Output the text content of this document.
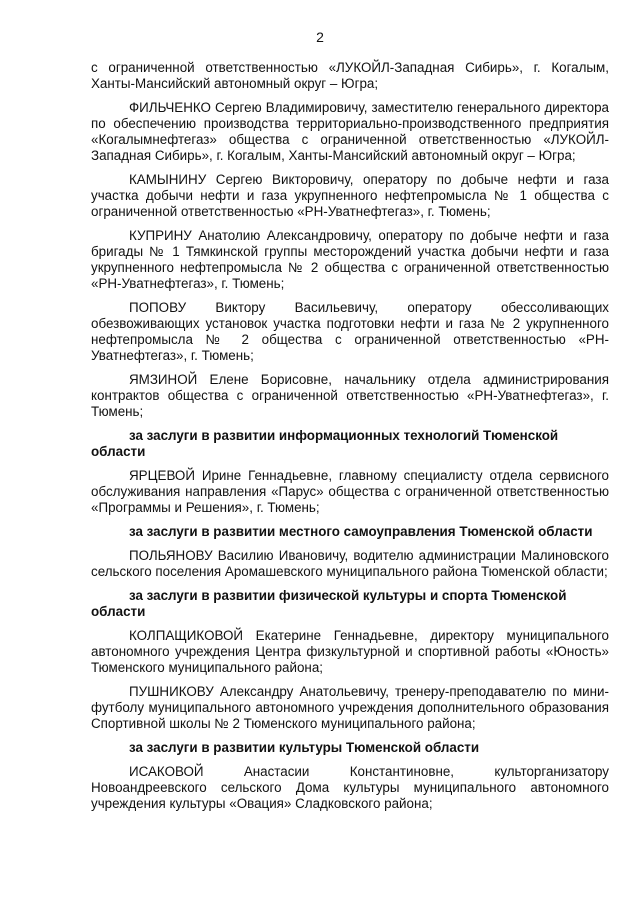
2

с ограниченной ответственностью «ЛУКОЙЛ-Западная Сибирь», г. Когалым, Ханты-Мансийский автономный округ – Югра;

ФИЛЬЧЕНКО Сергею Владимировичу, заместителю генерального директора по обеспечению производства территориально-производственного предприятия «Когалымнефтегаз» общества с ограниченной ответственностью «ЛУКОЙЛ-Западная Сибирь», г. Когалым, Ханты-Мансийский автономный округ – Югра;

КАМЫНИНУ Сергею Викторовичу, оператору по добыче нефти и газа участка добычи нефти и газа укрупненного нефтепромысла № 1 общества с ограниченной ответственностью «РН-Уватнефтегаз», г. Тюмень;

КУПРИНУ Анатолию Александровичу, оператору по добыче нефти и газа бригады № 1 Тямкинской группы месторождений участка добычи нефти и газа укрупненного нефтепромысла № 2 общества с ограниченной ответственностью «РН-Уватнефтегаз», г. Тюмень;

ПОПОВУ Виктору Васильевичу, оператору обессоливающих обезвоживающих установок участка подготовки нефти и газа № 2 укрупненного нефтепромысла № 2 общества с ограниченной ответственностью «РН-Уватнефтегаз», г. Тюмень;

ЯМЗИНОЙ Елене Борисовне, начальнику отдела администрирования контрактов общества с ограниченной ответственностью «РН-Уватнефтегаз», г. Тюмень;

за заслуги в развитии информационных технологий Тюменской области

ЯРЦЕВОЙ Ирине Геннадьевне, главному специалисту отдела сервисного обслуживания направления «Парус» общества с ограниченной ответственностью «Программы и Решения», г. Тюмень;

за заслуги в развитии местного самоуправления Тюменской области

ПОЛЬЯНОВУ Василию Ивановичу, водителю администрации Малиновского сельского поселения Аромашевского муниципального района Тюменской области;

за заслуги в развитии физической культуры и спорта Тюменской области

КОЛПАЩИКОВОЙ Екатерине Геннадьевне, директору муниципального автономного учреждения Центра физкультурной и спортивной работы «Юность» Тюменского муниципального района;

ПУШНИКОВУ Александру Анатольевичу, тренеру-преподавателю по мини-футболу муниципального автономного учреждения дополнительного образования Спортивной школы № 2 Тюменского муниципального района;

за заслуги в развитии культуры Тюменской области

ИСАКОВОЙ Анастасии Константиновне, культорганизатору Новоандреевского сельского Дома культуры муниципального автономного учреждения культуры «Овация» Сладковского района;
